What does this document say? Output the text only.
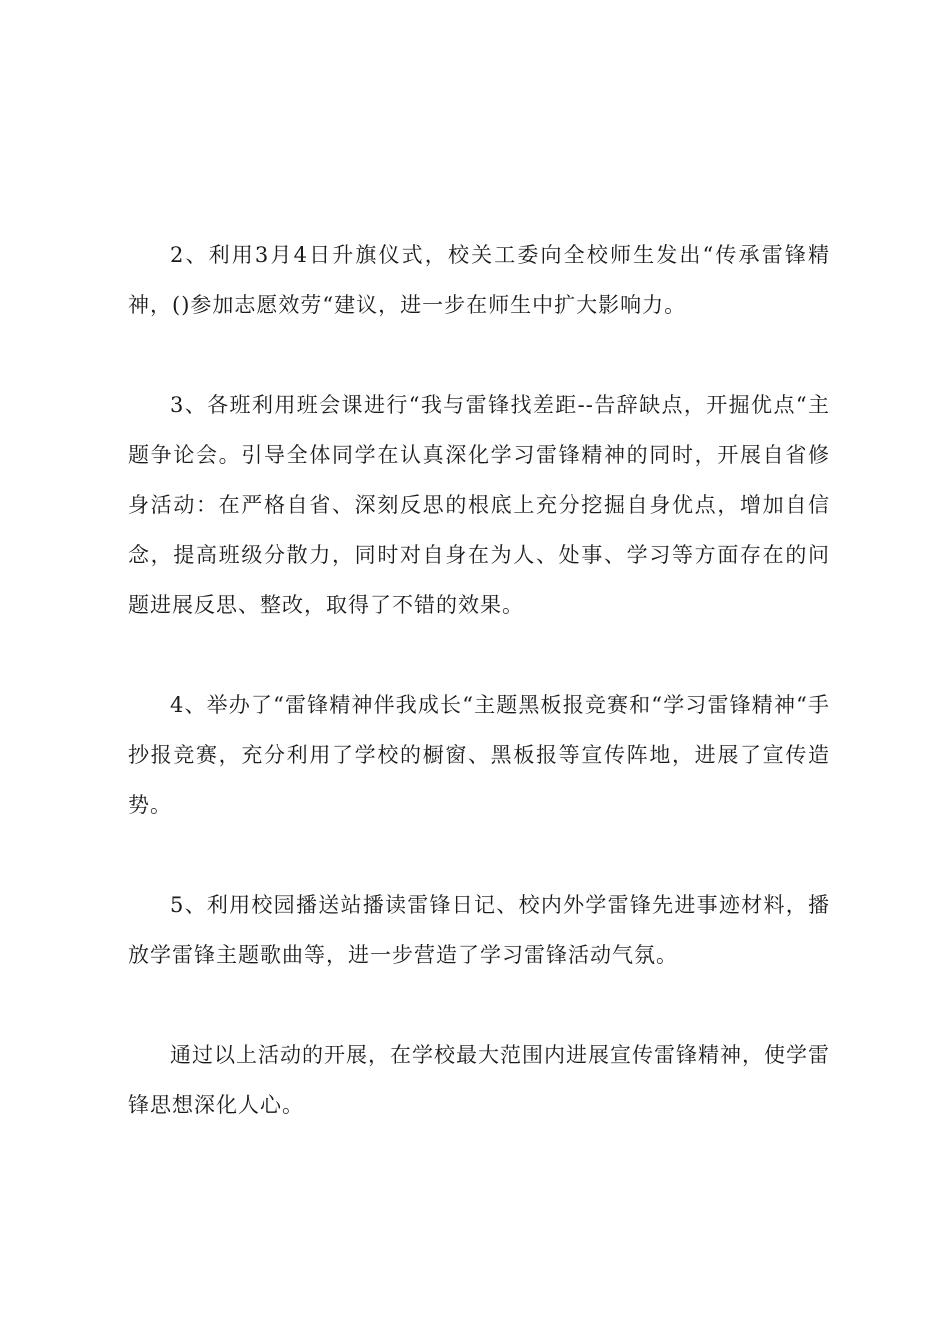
2、利用3月4日升旗仪式，校关工委向全校师生发出“传承雷锋精神，()参加志愿效劳“建议，进一步在师生中扩大影响力。

3、各班利用班会课进行“我与雷锋找差距--告辞缺点，开掘优点“主题争论会。引导全体同学在认真深化学习雷锋精神的同时，开展自省修身活动：在严格自省、深刻反思的根底上充分挖掘自身优点，增加自信念，提高班级分散力，同时对自身在为人、处事、学习等方面存在的问题进展反思、整改，取得了不错的效果。

4、举办了“雷锋精神伴我成长“主题黑板报竞赛和“学习雷锋精神“手抄报竞赛，充分利用了学校的橱窗、黑板报等宣传阵地，进展了宣传造势。

5、利用校园播送站播读雷锋日记、校内外学雷锋先进事迹材料，播放学雷锋主题歌曲等，进一步营造了学习雷锋活动气氛。

通过以上活动的开展，在学校最大范围内进展宣传雷锋精神，使学雷锋思想深化人心。
